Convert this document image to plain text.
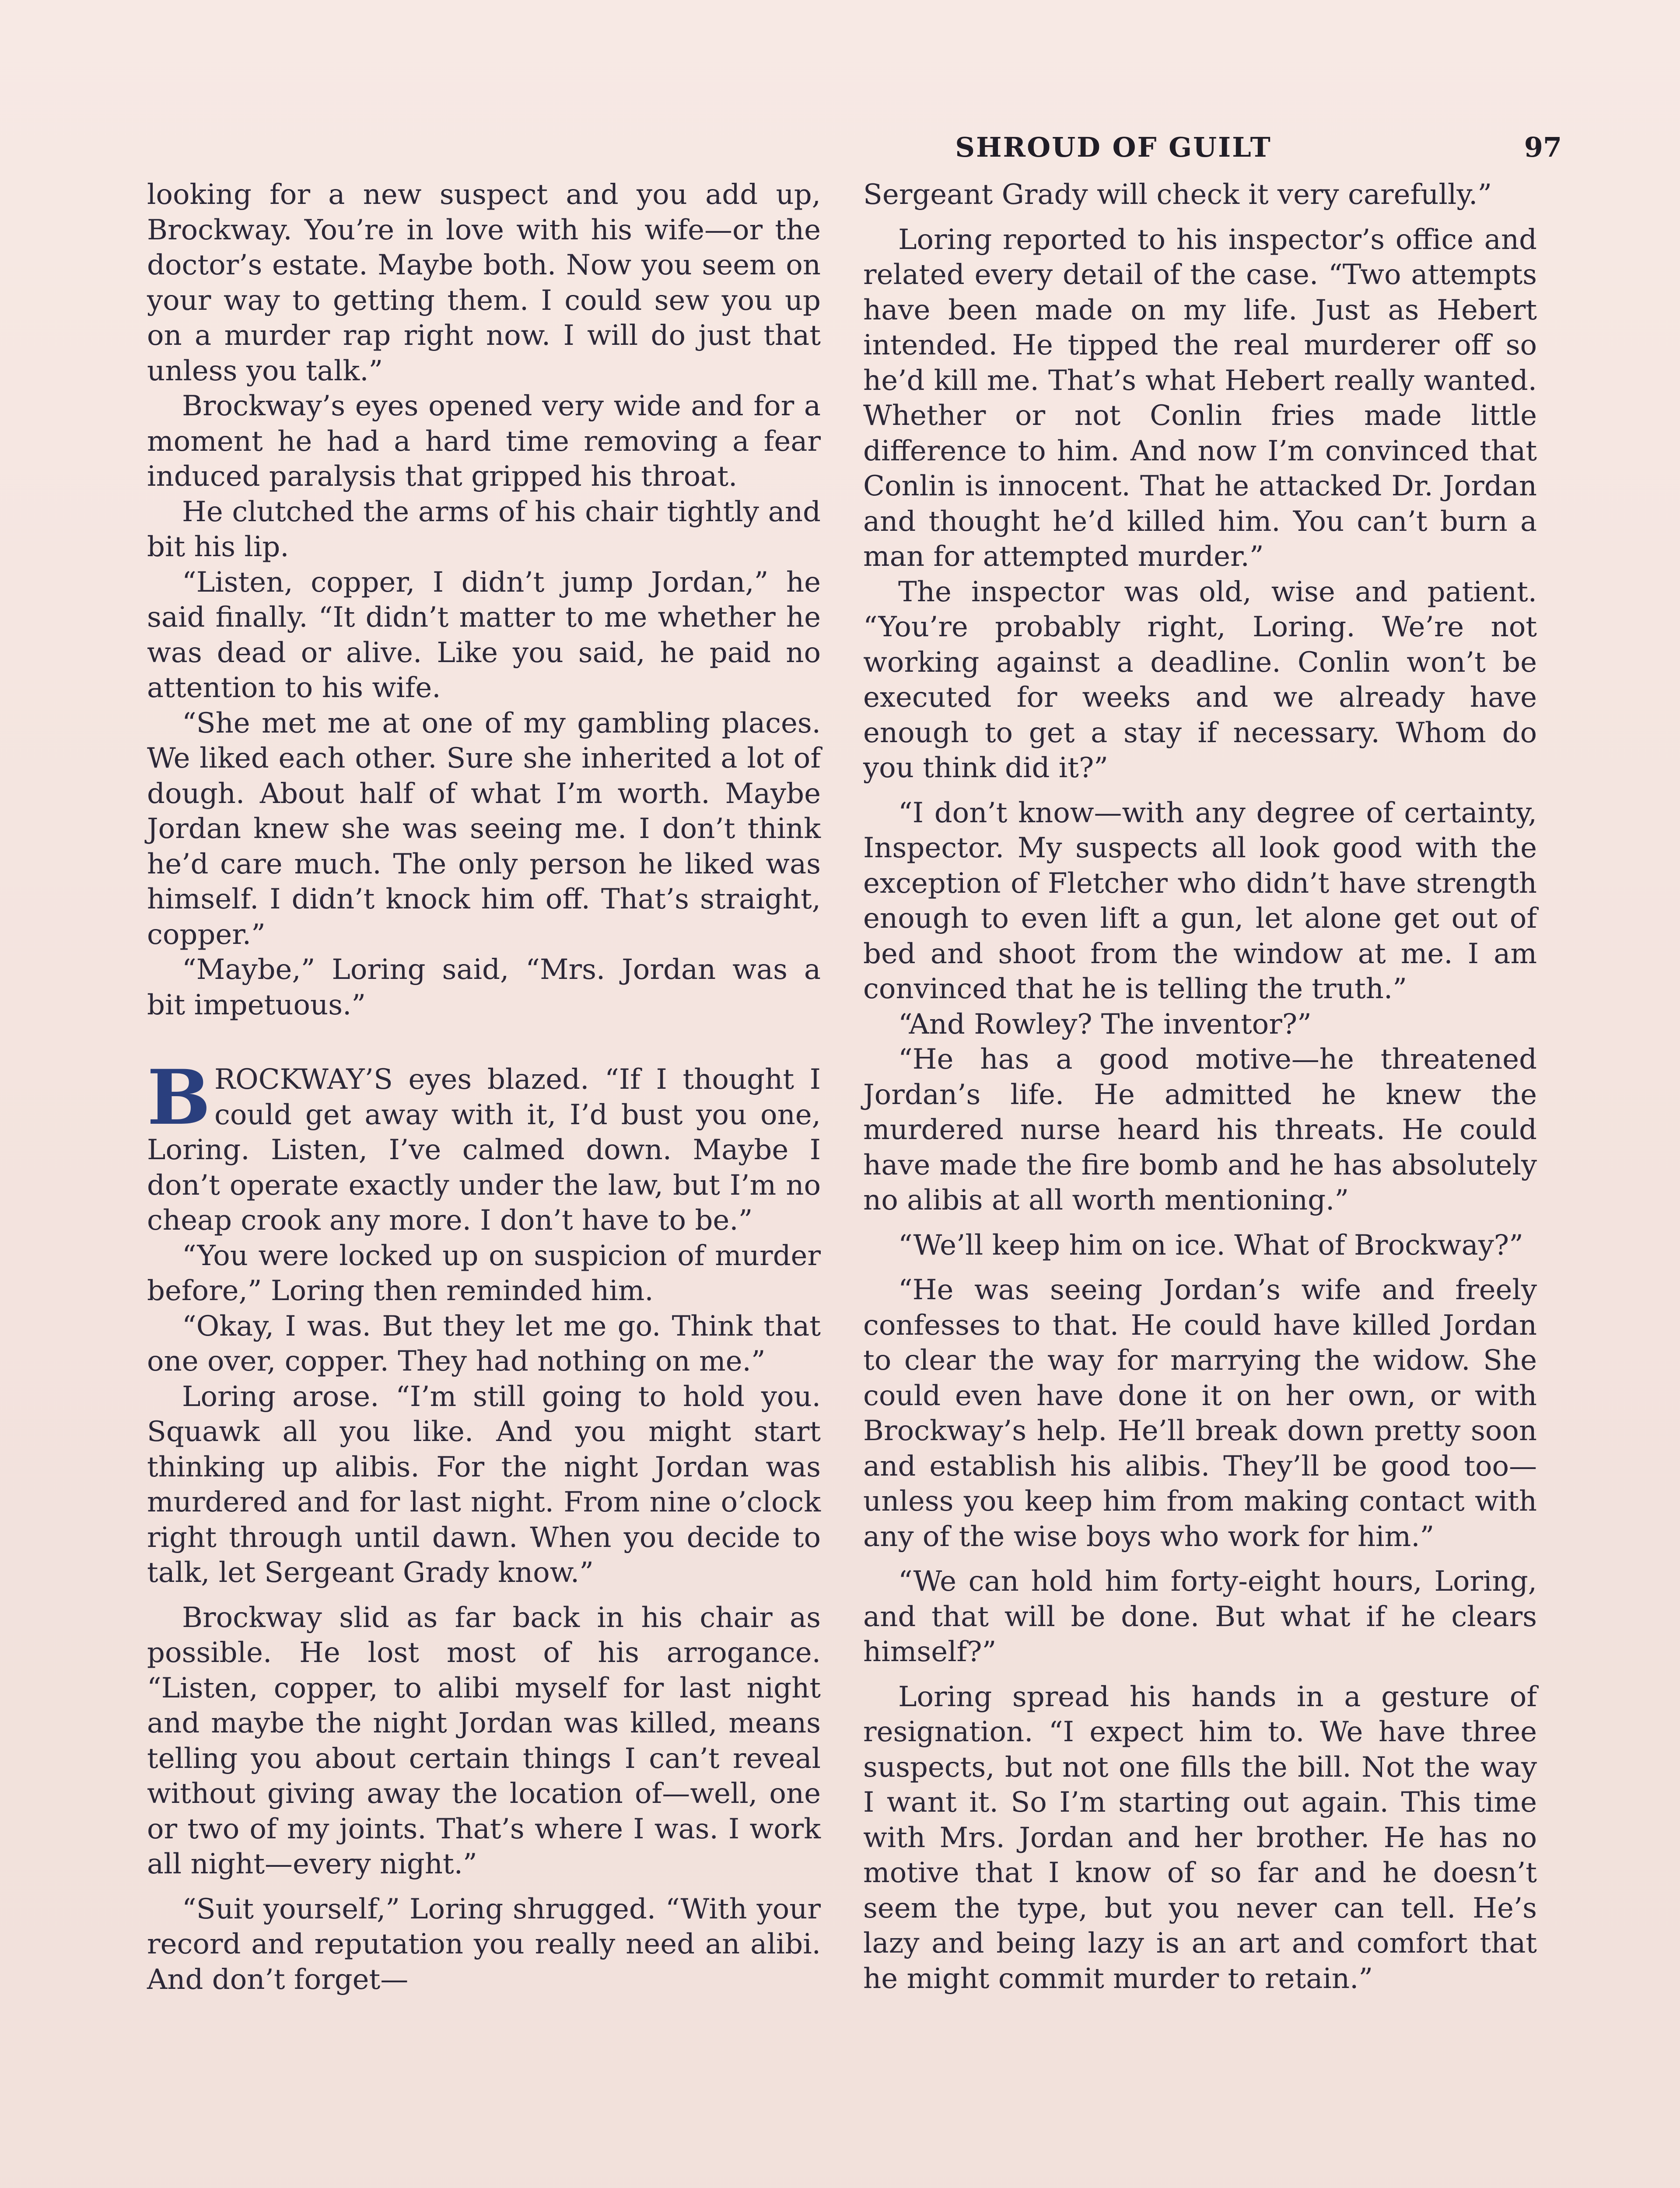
SHROUD OF GUILT	97

looking for a new suspect and you add up, Brockway. You’re in love with his wife—or the doctor’s estate. Maybe both. Now you seem on your way to getting them. I could sew you up on a murder rap right now. I will do just that unless you talk.”

Brockway’s eyes opened very wide and for a moment he had a hard time removing a fear induced paralysis that gripped his throat.

He clutched the arms of his chair tightly and bit his lip.

“Listen, copper, I didn’t jump Jordan,” he said finally. “It didn’t matter to me whether he was dead or alive. Like you said, he paid no attention to his wife.

“She met me at one of my gambling places. We liked each other. Sure she inherited a lot of dough. About half of what I’m worth. Maybe Jordan knew she was seeing me. I don’t think he’d care much. The only person he liked was himself. I didn’t knock him off. That’s straight, copper.”

“Maybe,” Loring said, “Mrs. Jordan was a bit impetuous.”

B ROCKWAY’S eyes blazed. “If I thought I could get away with it, I’d bust you one, Loring. Listen, I’ve calmed down. Maybe I don’t operate exactly under the law, but I’m no cheap crook any more. I don’t have to be.”

“You were locked up on suspicion of murder before,” Loring then reminded him.

“Okay, I was. But they let me go. Think that one over, copper. They had nothing on me.”

Loring arose. “I’m still going to hold you. Squawk all you like. And you might start thinking up alibis. For the night Jordan was murdered and for last night. From nine o’clock right through until dawn. When you decide to talk, let Sergeant Grady know.”

Brockway slid as far back in his chair as possible. He lost most of his arrogance. “Listen, copper, to alibi myself for last night and maybe the night Jordan was killed, means telling you about certain things I can’t reveal without giving away the location of—well, one or two of my joints. That’s where I was. I work all night—every night.”

“Suit yourself,” Loring shrugged. “With your record and reputation you really need an alibi. And don’t forget—

Sergeant Grady will check it very carefully.”

Loring reported to his inspector’s office and related every detail of the case. “Two attempts have been made on my life. Just as Hebert intended. He tipped the real murderer off so he’d kill me. That’s what Hebert really wanted. Whether or not Conlin fries made little difference to him. And now I’m convinced that Conlin is innocent. That he attacked Dr. Jordan and thought he’d killed him. You can’t burn a man for attempted murder.”

The inspector was old, wise and patient. “You’re probably right, Loring. We’re not working against a deadline. Conlin won’t be executed for weeks and we already have enough to get a stay if necessary. Whom do you think did it?”

“I don’t know—with any degree of certainty, Inspector. My suspects all look good with the exception of Fletcher who didn’t have strength enough to even lift a gun, let alone get out of bed and shoot from the window at me. I am convinced that he is telling the truth.”

“And Rowley? The inventor?”

“He has a good motive—he threatened Jordan’s life. He admitted he knew the murdered nurse heard his threats. He could have made the fire bomb and he has absolutely no alibis at all worth mentioning.”

“We’ll keep him on ice. What of Brockway?”

“He was seeing Jordan’s wife and freely confesses to that. He could have killed Jordan to clear the way for marrying the widow. She could even have done it on her own, or with Brockway’s help. He’ll break down pretty soon and establish his alibis. They’ll be good too—unless you keep him from making contact with any of the wise boys who work for him.”

“We can hold him forty-eight hours, Loring, and that will be done. But what if he clears himself?”

Loring spread his hands in a gesture of resignation. “I expect him to. We have three suspects, but not one fills the bill. Not the way I want it. So I’m starting out again. This time with Mrs. Jordan and her brother. He has no motive that I know of so far and he doesn’t seem the type, but you never can tell. He’s lazy and being lazy is an art and comfort that he might commit murder to retain.”
